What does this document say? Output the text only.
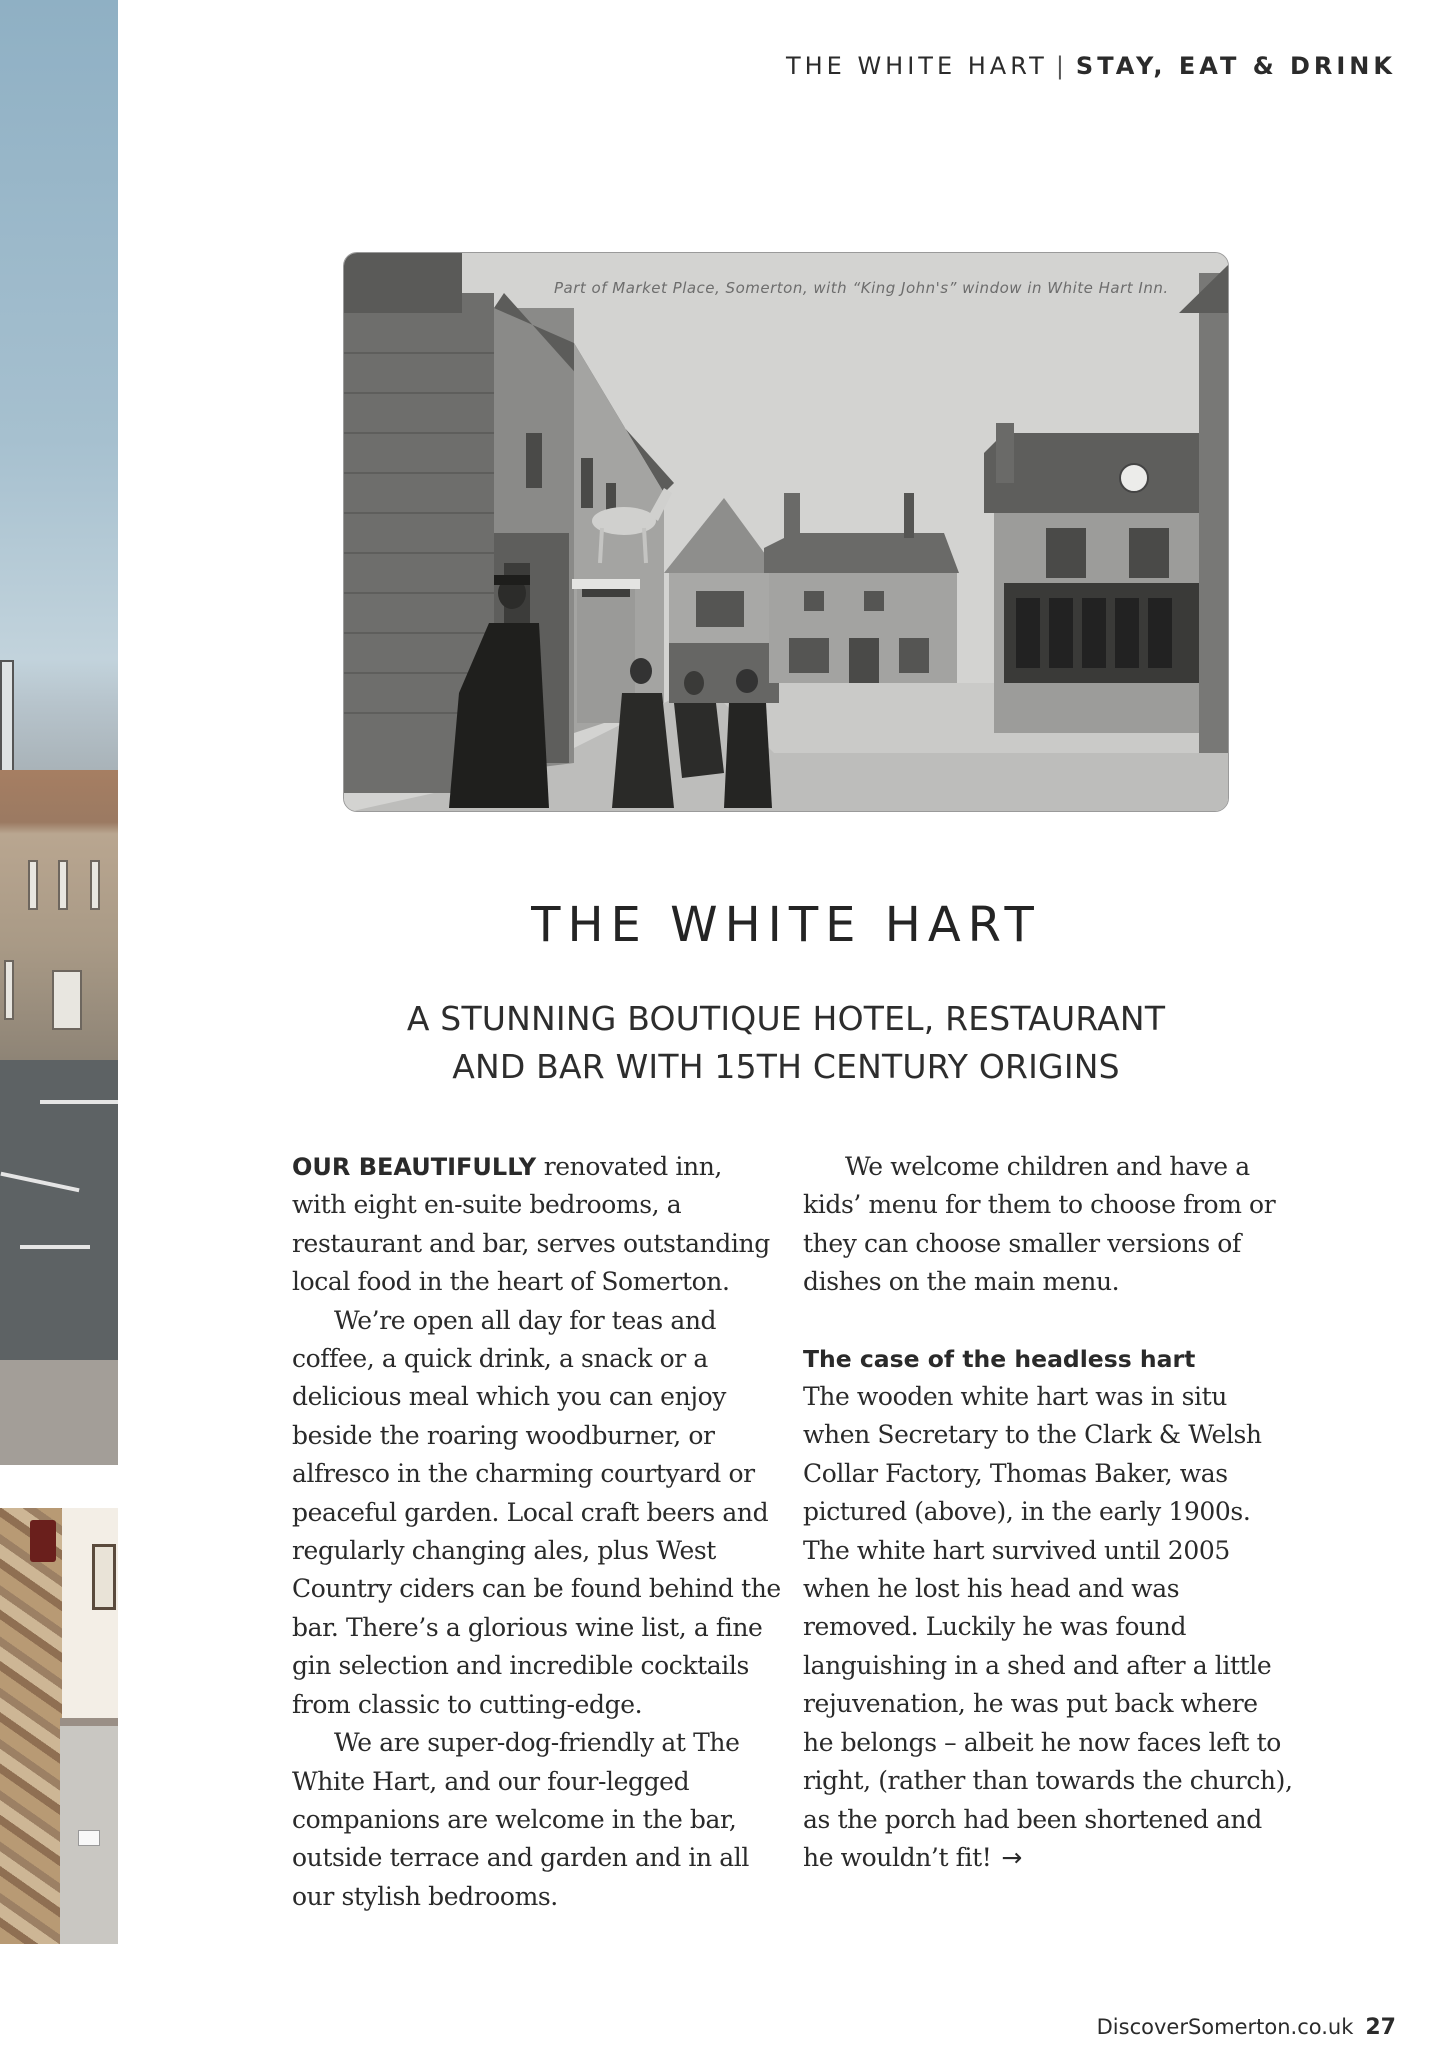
THE WHITE HART | STAY, EAT & DRINK
Part of Market Place, Somerton, with “King John's” window in White Hart Inn.
THE WHITE HART
A STUNNING BOUTIQUE HOTEL, RESTAURANT
AND BAR WITH 15TH CENTURY ORIGINS

OUR BEAUTIFULLY renovated inn, with eight en-suite bedrooms, a restaurant and bar, serves outstanding local food in the heart of Somerton.

We’re open all day for teas and coffee, a quick drink, a snack or a delicious meal which you can enjoy beside the roaring woodburner, or alfresco in the charming courtyard or peaceful garden. Local craft beers and regularly changing ales, plus West Country ciders can be found behind the bar. There’s a glorious wine list, a fine gin selection and incredible cocktails from classic to cutting-edge.

We are super-dog-friendly at The White Hart, and our four-legged companions are welcome in the bar, outside terrace and garden and in all our stylish bedrooms.

We welcome children and have a kids’ menu for them to choose from or they can choose smaller versions of dishes on the main menu.

The case of the headless hart

The wooden white hart was in situ when Secretary to the Clark & Welsh Collar Factory, Thomas Baker, was pictured (above), in the early 1900s. The white hart survived until 2005 when he lost his head and was removed. Luckily he was found languishing in a shed and after a little rejuvenation, he was put back where he belongs – albeit he now faces left to right, (rather than towards the church), as the porch had been shortened and he wouldn’t fit! →

DiscoverSomerton.co.uk 27
